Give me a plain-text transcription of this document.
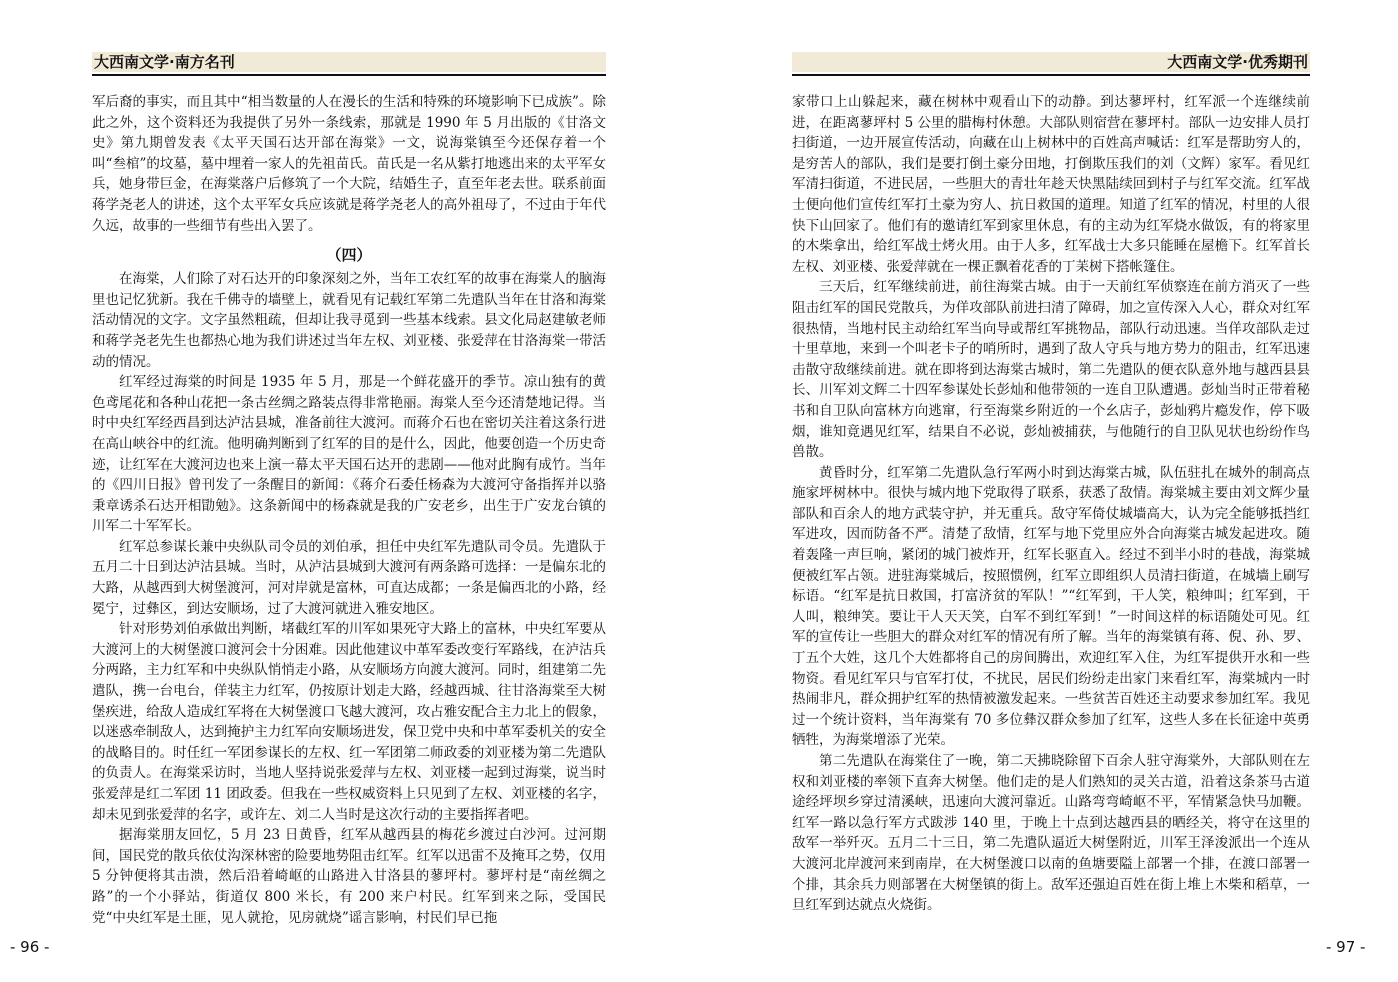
大西南文学·南方名刊

军后裔的事实，而且其中“相当数量的人在漫长的生活和特殊的环境影响下已成族”。除此之外，这个资料还为我提供了另外一条线索，那就是 1990 年 5 月出版的《甘洛文史》第九期曾发表《太平天国石达开部在海棠》一文，说海棠镇至今还保存着一个叫“叁棺”的坟墓，墓中埋着一家人的先祖苗氏。苗氏是一名从紫打地逃出来的太平军女兵，她身带巨金，在海棠落户后修筑了一个大院，结婚生子，直至年老去世。联系前面蒋学尧老人的讲述，这个太平军女兵应该就是蒋学尧老人的高外祖母了，不过由于年代久远，故事的一些细节有些出入罢了。

（四）

在海棠，人们除了对石达开的印象深刻之外，当年工农红军的故事在海棠人的脑海里也记忆犹新。我在千佛寺的墙壁上，就看见有记载红军第二先遣队当年在甘洛和海棠活动情况的文字。文字虽然粗疏，但却让我寻觅到一些基本线索。县文化局赵建敏老师和蒋学尧老先生也都热心地为我们讲述过当年左权、刘亚楼、张爱萍在甘洛海棠一带活动的情况。

红军经过海棠的时间是 1935 年 5 月，那是一个鲜花盛开的季节。凉山独有的黄色鸢尾花和各种山花把一条古丝绸之路装点得非常艳丽。海棠人至今还清楚地记得。当时中央红军经西昌到达泸沽县城，准备前往大渡河。而蒋介石也在密切关注着这条行进在高山峡谷中的红流。他明确判断到了红军的目的是什么，因此，他要创造一个历史奇迹，让红军在大渡河边也来上演一幕太平天国石达开的悲剧——他对此胸有成竹。当年的《四川日报》曾刊发了一条醒目的新闻：《蒋介石委任杨森为大渡河守备指挥并以骆秉章诱杀石达开相勖勉》。这条新闻中的杨森就是我的广安老乡，出生于广安龙台镇的川军二十军军长。

红军总参谋长兼中央纵队司令员的刘伯承，担任中央红军先遣队司令员。先遣队于五月二十日到达泸沽县城。当时，从泸沽县城到大渡河有两条路可选择：一是偏东北的大路，从越西到大树堡渡河，河对岸就是富林，可直达成都；一条是偏西北的小路，经冕宁，过彝区，到达安顺场，过了大渡河就进入雅安地区。

针对形势刘伯承做出判断，堵截红军的川军如果死守大路上的富林，中央红军要从大渡河上的大树堡渡口渡河会十分困难。因此他建议中革军委改变行军路线，在泸沽兵分两路，主力红军和中央纵队悄悄走小路，从安顺场方向渡大渡河。同时，组建第二先遣队，携一台电台，佯装主力红军，仍按原计划走大路，经越西城、往甘洛海棠至大树堡疾进，给敌人造成红军将在大树堡渡口飞越大渡河，攻占雅安配合主力北上的假象，以迷惑牵制敌人，达到掩护主力红军向安顺场进发，保卫党中央和中革军委机关的安全的战略目的。时任红一军团参谋长的左权、红一军团第二师政委的刘亚楼为第二先遣队的负责人。在海棠采访时，当地人坚持说张爱萍与左权、刘亚楼一起到过海棠，说当时张爱萍是红二军团 11 团政委。但我在一些权威资料上只见到了左权、刘亚楼的名字，却未见到张爱萍的名字，或许左、刘二人当时是这次行动的主要指挥者吧。

据海棠朋友回忆，5 月 23 日黄昏，红军从越西县的梅花乡渡过白沙河。过河期间，国民党的散兵依仗沟深林密的险要地势阻击红军。红军以迅雷不及掩耳之势，仅用 5 分钟便将其击溃，然后沿着崎岖的山路进入甘洛县的蓼坪村。蓼坪村是“南丝绸之路”的一个小驿站，街道仅 800 米长，有 200 来户村民。红军到来之际，受国民党“中央红军是土匪，见人就抢，见房就烧”谣言影响，村民们早已拖

- 96 -
大西南文学·优秀期刊

家带口上山躲起来，藏在树林中观看山下的动静。到达蓼坪村，红军派一个连继续前进，在距离蓼坪村 5 公里的腊梅村休憩。大部队则宿营在蓼坪村。部队一边安排人员打扫街道，一边开展宣传活动，向藏在山上树林中的百姓高声喊话：红军是帮助穷人的，是穷苦人的部队，我们是要打倒土豪分田地，打倒欺压我们的刘（文辉）家军。看见红军清扫街道，不进民居，一些胆大的青壮年趁天快黑陆续回到村子与红军交流。红军战士便向他们宣传红军打土豪为穷人、抗日救国的道理。知道了红军的情况，村里的人很快下山回家了。他们有的邀请红军到家里休息，有的主动为红军烧水做饭，有的将家里的木柴拿出，给红军战士烤火用。由于人多，红军战士大多只能睡在屋檐下。红军首长左权、刘亚楼、张爱萍就在一棵正飘着花香的丁苿树下搭帐篷住。

三天后，红军继续前进，前往海棠古城。由于一天前红军侦察连在前方消灭了一些阻击红军的国民党散兵，为佯攻部队前进扫清了障碍，加之宣传深入人心，群众对红军很热情，当地村民主动给红军当向导或帮红军挑物品，部队行动迅速。当佯攻部队走过十里草地，来到一个叫老卡子的哨所时，遇到了敌人守兵与地方势力的阻击，红军迅速击散守敌继续前进。就在即将到达海棠古城时，第二先遣队的便衣队意外地与越西县县长、川军刘文辉二十四军参谋处长彭灿和他带领的一连自卫队遭遇。彭灿当时正带着秘书和自卫队向富林方向逃窜，行至海棠乡附近的一个幺店子，彭灿鸦片瘾发作，停下吸烟，谁知竟遇见红军，结果自不必说，彭灿被捕获，与他随行的自卫队见状也纷纷作鸟兽散。

黄昏时分，红军第二先遣队急行军两小时到达海棠古城，队伍驻扎在城外的制高点施家坪树林中。很快与城内地下党取得了联系，获悉了敌情。海棠城主要由刘文辉少量部队和百余人的地方武装守护，并无重兵。敌守军倚仗城墙高大，认为完全能够抵挡红军进攻，因而防备不严。清楚了敌情，红军与地下党里应外合向海棠古城发起进攻。随着轰隆一声巨响，紧闭的城门被炸开，红军长驱直入。经过不到半小时的巷战，海棠城便被红军占领。进驻海棠城后，按照惯例，红军立即组织人员清扫街道，在城墙上刷写标语。“红军是抗日救国，打富济贫的军队！”“红军到，干人笑，粮绅叫；红军到，干人叫，粮绅笑。要让干人天天笑，白军不到红军到！”一时间这样的标语随处可见。红军的宣传让一些胆大的群众对红军的情况有所了解。当年的海棠镇有蒋、倪、孙、罗、丁五个大姓，这几个大姓都将自己的房间腾出，欢迎红军入住，为红军提供开水和一些物资。看见红军只与官军打仗，不扰民，居民们纷纷走出家门来看红军，海棠城内一时热闹非凡，群众拥护红军的热情被激发起来。一些贫苦百姓还主动要求参加红军。我见过一个统计资料，当年海棠有 70 多位彝汉群众参加了红军，这些人多在长征途中英勇牺牲，为海棠增添了光荣。

第二先遣队在海棠住了一晚，第二天拂晓除留下百余人驻守海棠外，大部队则在左权和刘亚楼的率领下直奔大树堡。他们走的是人们熟知的灵关古道，沿着这条茶马古道途经坪坝乡穿过清溪峡，迅速向大渡河靠近。山路弯弯崎岖不平，军情紧急快马加鞭。红军一路以急行军方式跋涉 140 里，于晚上十点到达越西县的晒经关，将守在这里的敌军一举歼灭。五月二十三日，第二先遣队逼近大树堡附近，川军王泽浚派出一个连从大渡河北岸渡河来到南岸，在大树堡渡口以南的鱼塘要隘上部署一个排，在渡口部署一个排，其余兵力则部署在大树堡镇的街上。敌军还强迫百姓在街上堆上木柴和稻草，一旦红军到达就点火烧街。

- 97 -
